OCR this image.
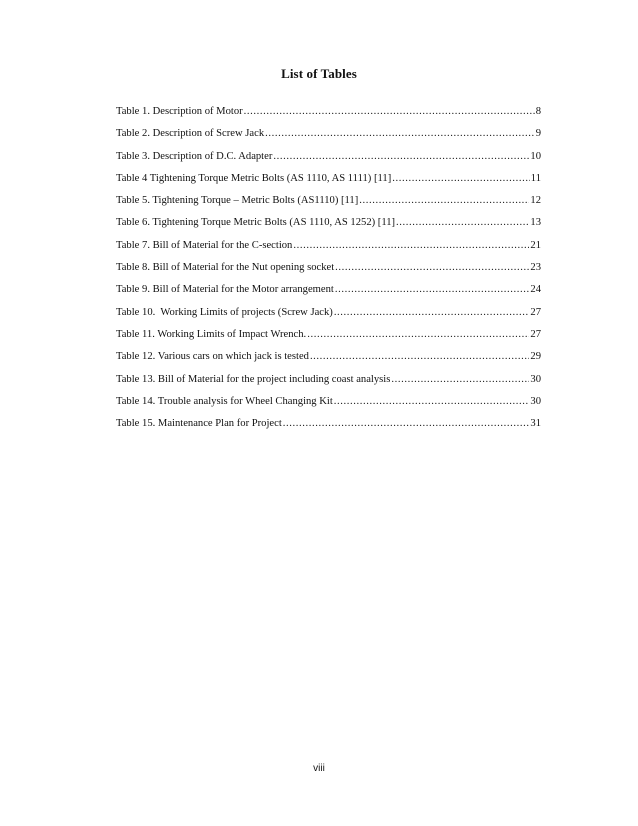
List of Tables
Table 1. Description of Motor .....	8
Table 2. Description of Screw Jack .....	9
Table 3. Description of D.C. Adapter .....	10
Table 4 Tightening Torque Metric Bolts (AS 1110, AS 1111) [11] .....	11
Table 5. Tightening Torque – Metric Bolts (AS1110) [11] .....	12
Table 6. Tightening Torque Metric Bolts (AS 1110, AS 1252) [11] .....	13
Table 7. Bill of Material for the C-section .....	21
Table 8. Bill of Material for the Nut opening socket .....	23
Table 9. Bill of Material for the Motor arrangement .....	24
Table 10.  Working Limits of projects (Screw Jack) .....	27
Table 11. Working Limits of Impact Wrench. .....	27
Table 12. Various cars on which jack is tested .....	29
Table 13. Bill of Material for the project including coast analysis .....	30
Table 14. Trouble analysis for Wheel Changing Kit .....	30
Table 15. Maintenance Plan for Project .....	31
viii
